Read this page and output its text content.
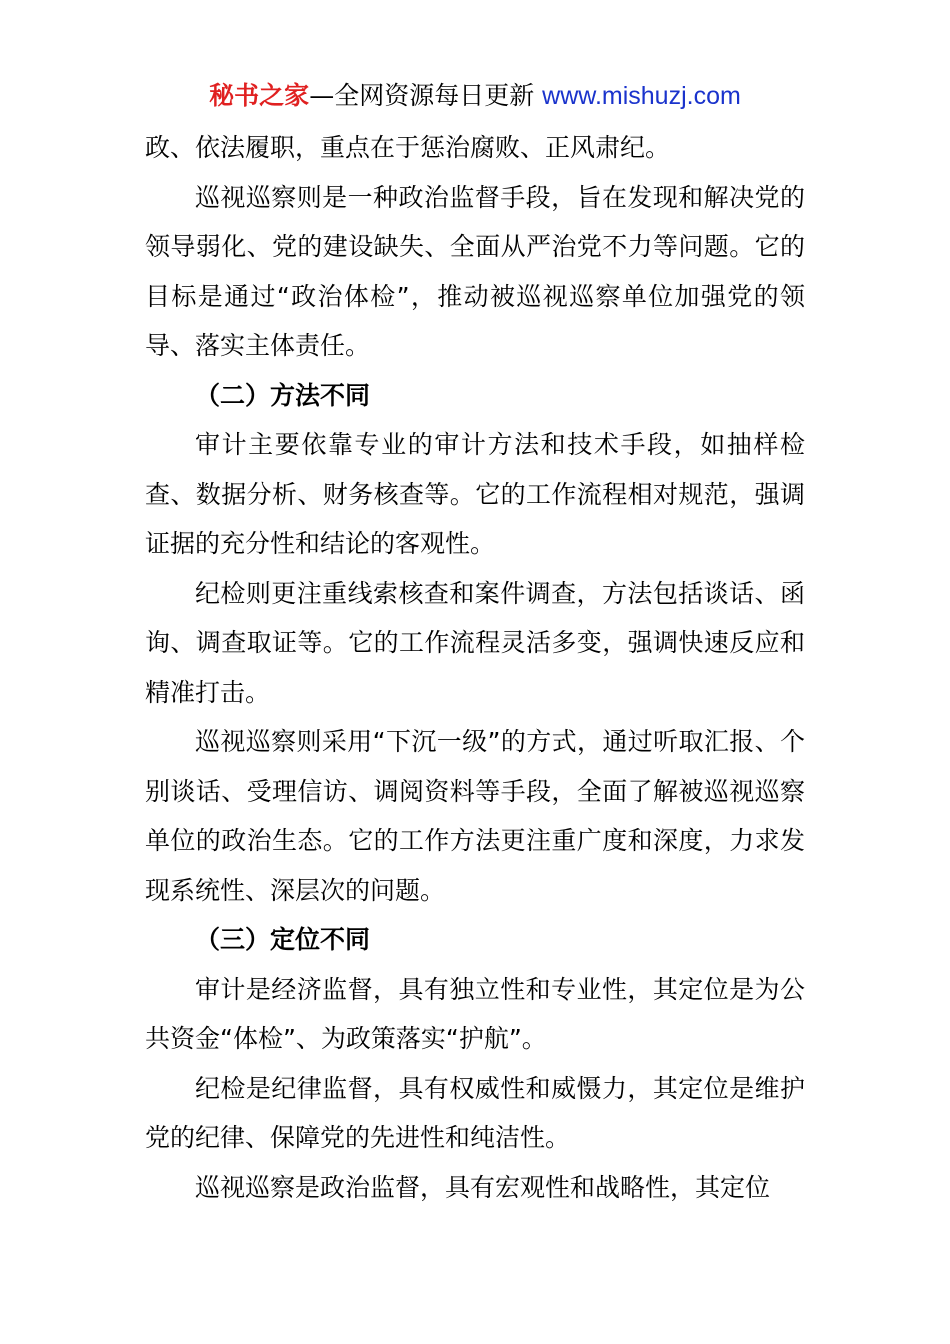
秘书之家—全网资源每日更新 www.mishuzj.com

政、依法履职，重点在于惩治腐败、正风肃纪。

巡视巡察则是一种政治监督手段，旨在发现和解决党的领导弱化、党的建设缺失、全面从严治党不力等问题。它的目标是通过“政治体检”，推动被巡视巡察单位加强党的领导、落实主体责任。

（二）方法不同

审计主要依靠专业的审计方法和技术手段，如抽样检查、数据分析、财务核查等。它的工作流程相对规范，强调证据的充分性和结论的客观性。

纪检则更注重线索核查和案件调查，方法包括谈话、函询、调查取证等。它的工作流程灵活多变，强调快速反应和精准打击。

巡视巡察则采用“下沉一级”的方式，通过听取汇报、个别谈话、受理信访、调阅资料等手段，全面了解被巡视巡察单位的政治生态。它的工作方法更注重广度和深度，力求发现系统性、深层次的问题。

（三）定位不同

审计是经济监督，具有独立性和专业性，其定位是为公共资金“体检”、为政策落实“护航”。

纪检是纪律监督，具有权威性和威慑力，其定位是维护党的纪律、保障党的先进性和纯洁性。

巡视巡察是政治监督，具有宏观性和战略性，其定位
